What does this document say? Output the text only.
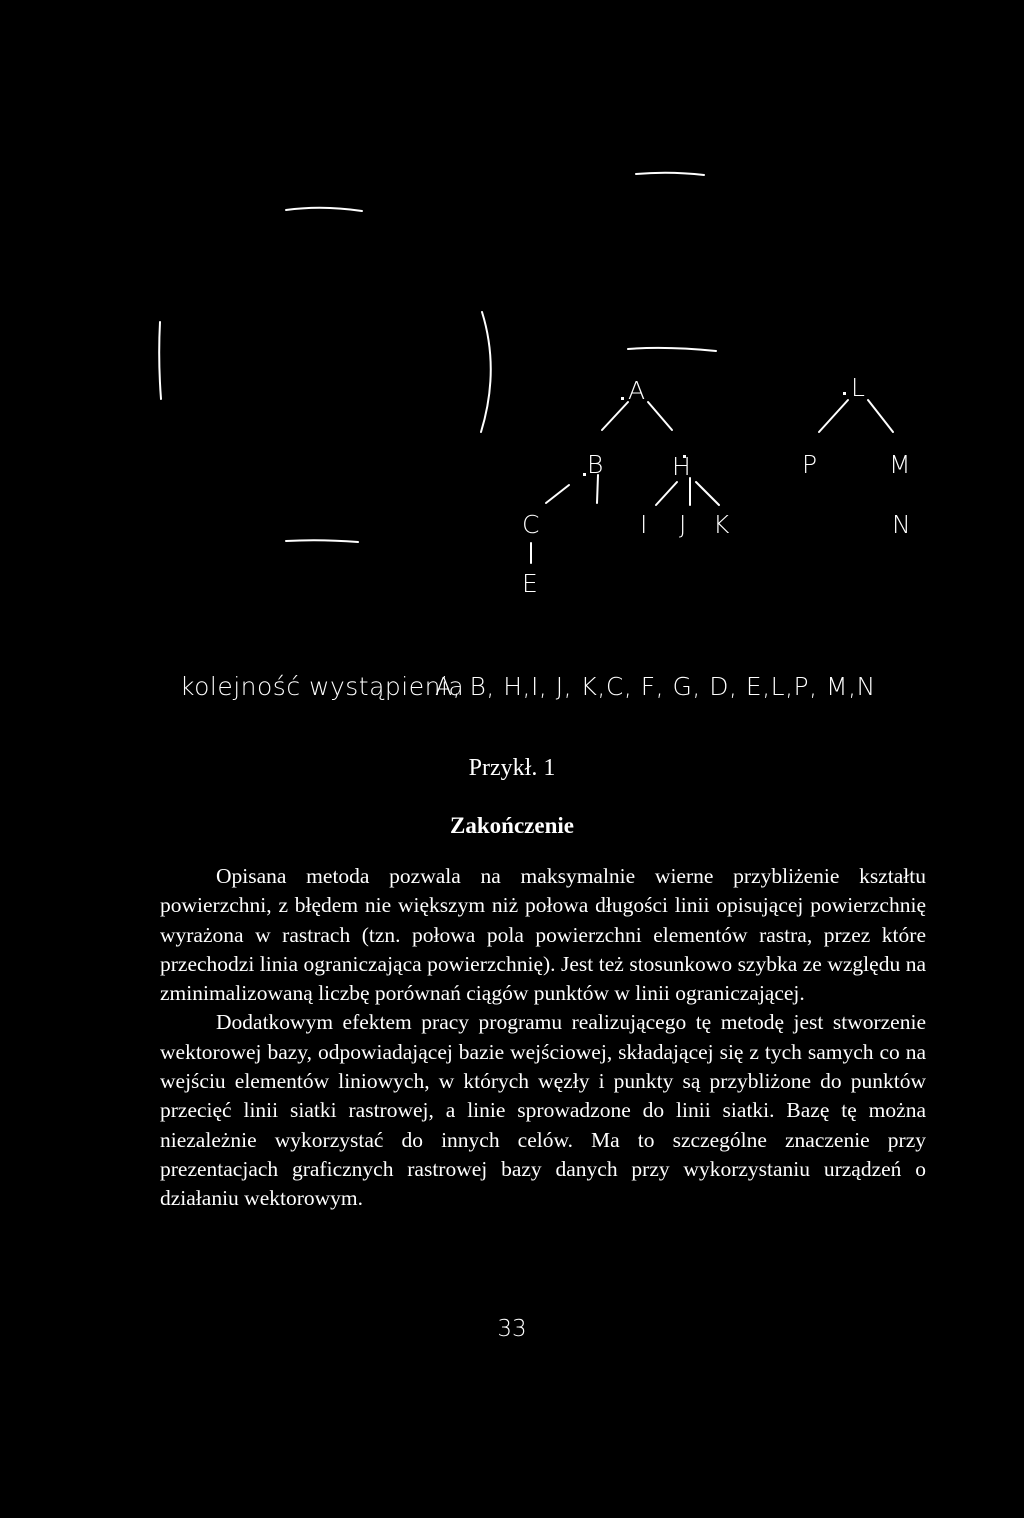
A
B	H
C	I J K
E
L
P	M
N
kolejność wystąpienia
A, B, H,I, J, K,C, F, G, D, E,L,P, M,N
Przykł. 1
Zakończenie

Opisana metoda pozwala na maksymalnie wierne przybliżenie kształtu powierzchni, z błędem nie większym niż połowa długości linii opisującej powierzchnię wyrażona w rastrach (tzn. połowa pola powierzchni elementów rastra, przez które przechodzi linia ograniczająca powierzchnię). Jest też stosunkowo szybka ze względu na zminimalizowaną liczbę porównań ciągów punktów w linii ograniczającej.

Dodatkowym efektem pracy programu realizującego tę metodę jest stworzenie wektorowej bazy, odpowiadającej bazie wejściowej, składającej się z tych samych co na wejściu elementów liniowych, w których węzły i punkty są przybliżone do punktów przecięć linii siatki rastrowej, a linie sprowadzone do linii siatki. Bazę tę można niezależnie wykorzystać do innych celów. Ma to szczególne znaczenie przy prezentacjach graficznych rastrowej bazy danych przy wykorzystaniu urządzeń o działaniu wektorowym.

33
